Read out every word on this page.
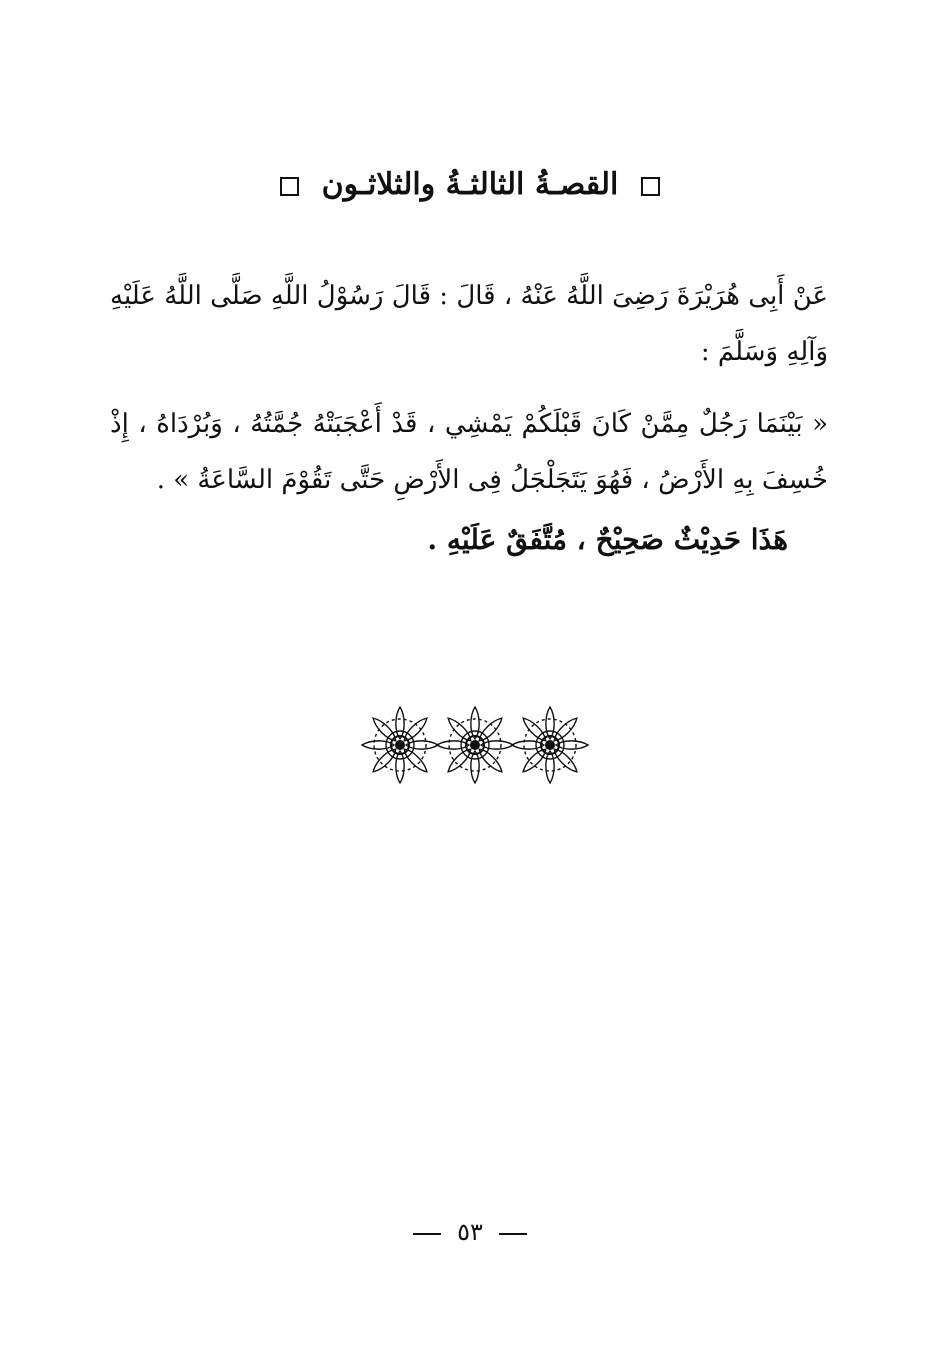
القصـةُ الثالثـةُ والثلاثـون
عَنْ أَبِى هُرَيْرَةَ رَضِىَ اللَّهُ عَنْهُ ، قَالَ : قَالَ رَسُوْلُ اللَّهِ صَلَّى اللَّهُ عَلَيْهِ وَآلِهِ وَسَلَّمَ :
« بَيْنَمَا رَجُلٌ مِمَّنْ كَانَ قَبْلَكُمْ يَمْشِي ، قَدْ أَعْجَبَتْهُ جُمَّتُهُ ، وَبُرْدَاهُ ، إِذْ خُسِفَ بِهِ الأَرْضُ ، فَهُوَ يَتَجَلْجَلُ فِى الأَرْضِ حَتَّى تَقُوْمَ السَّاعَةُ » .
هَذَا حَدِيْثٌ صَحِيْحٌ ، مُتَّفَقٌ عَلَيْهِ .
٥٣
